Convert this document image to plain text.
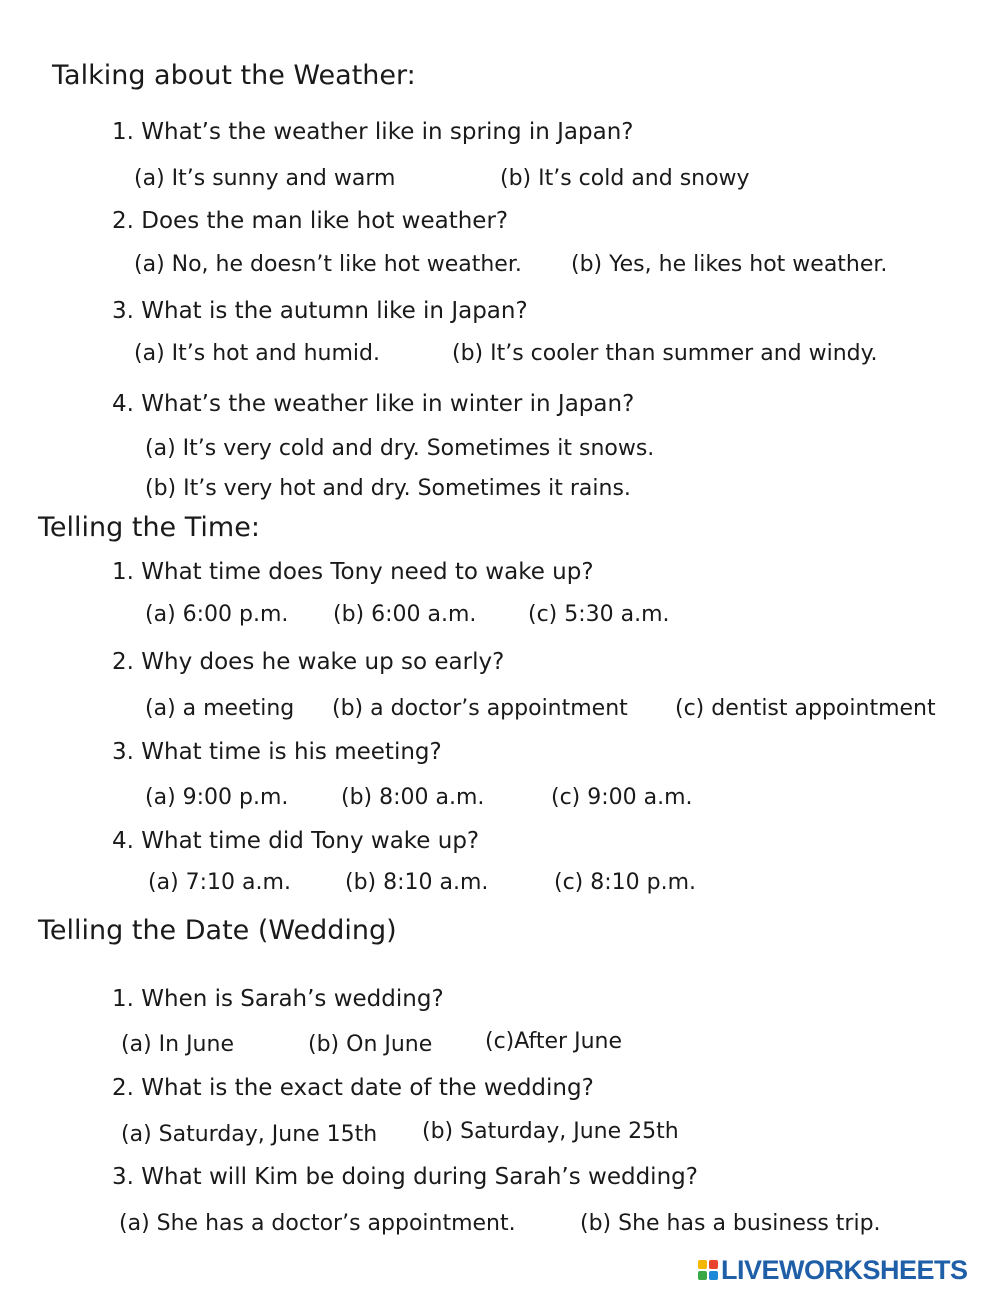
Talking about the Weather:
1. What’s the weather like in spring in Japan?
(a) It’s sunny and warm	(b) It’s cold and snowy
2. Does the man like hot weather?
(a) No, he doesn’t like hot weather. (b) Yes, he likes hot weather.
3. What is the autumn like in Japan?
(a) It’s hot and humid.	(b) It’s cooler than summer and windy.
4. What’s the weather like in winter in Japan?
(a) It’s very cold and dry. Sometimes it snows.
(b) It’s very hot and dry. Sometimes it rains.
Telling the Time:
1. What time does Tony need to wake up?
(a) 6:00 p.m. (b) 6:00 a.m. (c) 5:30 a.m.
2. Why does he wake up so early?
(a) a meeting (b) a doctor’s appointment (c) dentist appointment
3. What time is his meeting?
(a) 9:00 p.m. (b) 8:00 a.m.	(c) 9:00 a.m.
4. What time did Tony wake up?
(a) 7:10 a.m. (b) 8:10 a.m.	(c) 8:10 p.m.
Telling the Date (Wedding)
1. When is Sarah’s wedding?
(a) In June	(b) On June (c)After June
2. What is the exact date of the wedding?
(a) Saturday, June 15th (b) Saturday, June 25th
3. What will Kim be doing during Sarah’s wedding?
(a) She has a doctor’s appointment.	(b) She has a business trip.
LIVEWORKSHEETS
